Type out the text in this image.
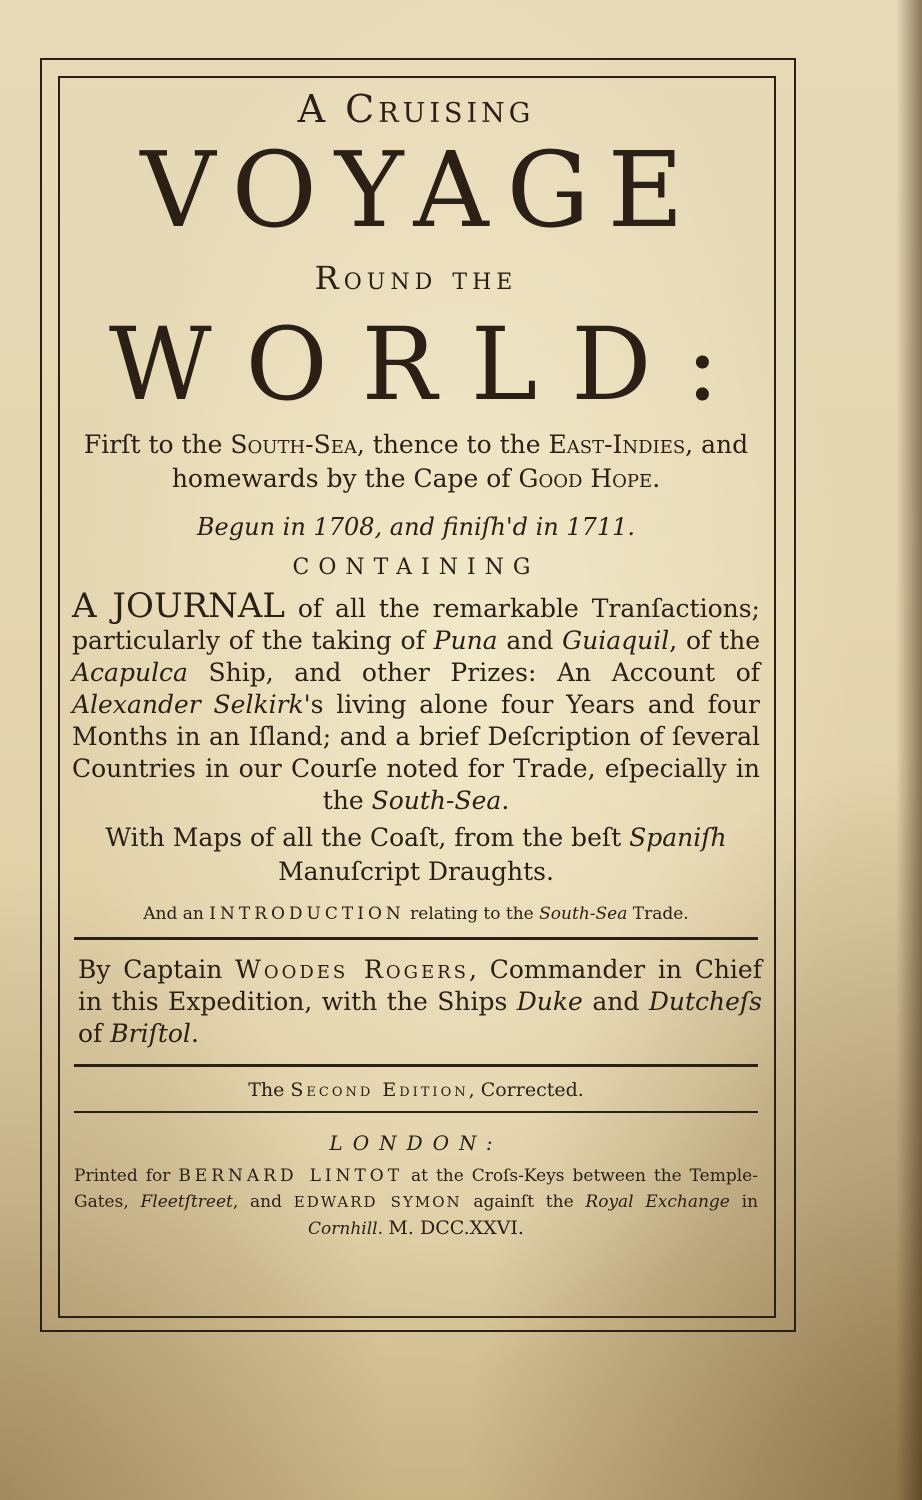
A Cruising
VOYAGE
Round the
WORLD:
Firſt to the South-Sea, thence to the East-Indies, and homewards by the Cape of Good Hope.
Begun in 1708, and finiſh'd in 1711.
CONTAINING
A JOURNAL of all the remarkable Tranſactions; particularly of the taking of Puna and Guiaquil, of the Acapulca Ship, and other Prizes: An Account of Alexander Selkirk's living alone four Years and four Months in an Iſland; and a brief Deſcription of ſeveral Countries in our Courſe noted for Trade, eſpecially in the South-Sea.
With Maps of all the Coaſt, from the beſt Spaniſh Manuſcript Draughts.
And an INTRODUCTION relating to the South-Sea Trade.
By Captain Woodes Rogers, Commander in Chief in this Expedition, with the Ships Duke and Dutcheſs of Briſtol.
The Second Edition, Corrected.
LONDON:
Printed for BERNARD LINTOT at the Croſs-Keys between the Temple-Gates, Fleetſtreet, and EDWARD SYMON againſt the Royal Exchange in Cornhill. M. DCC.XXVI.
